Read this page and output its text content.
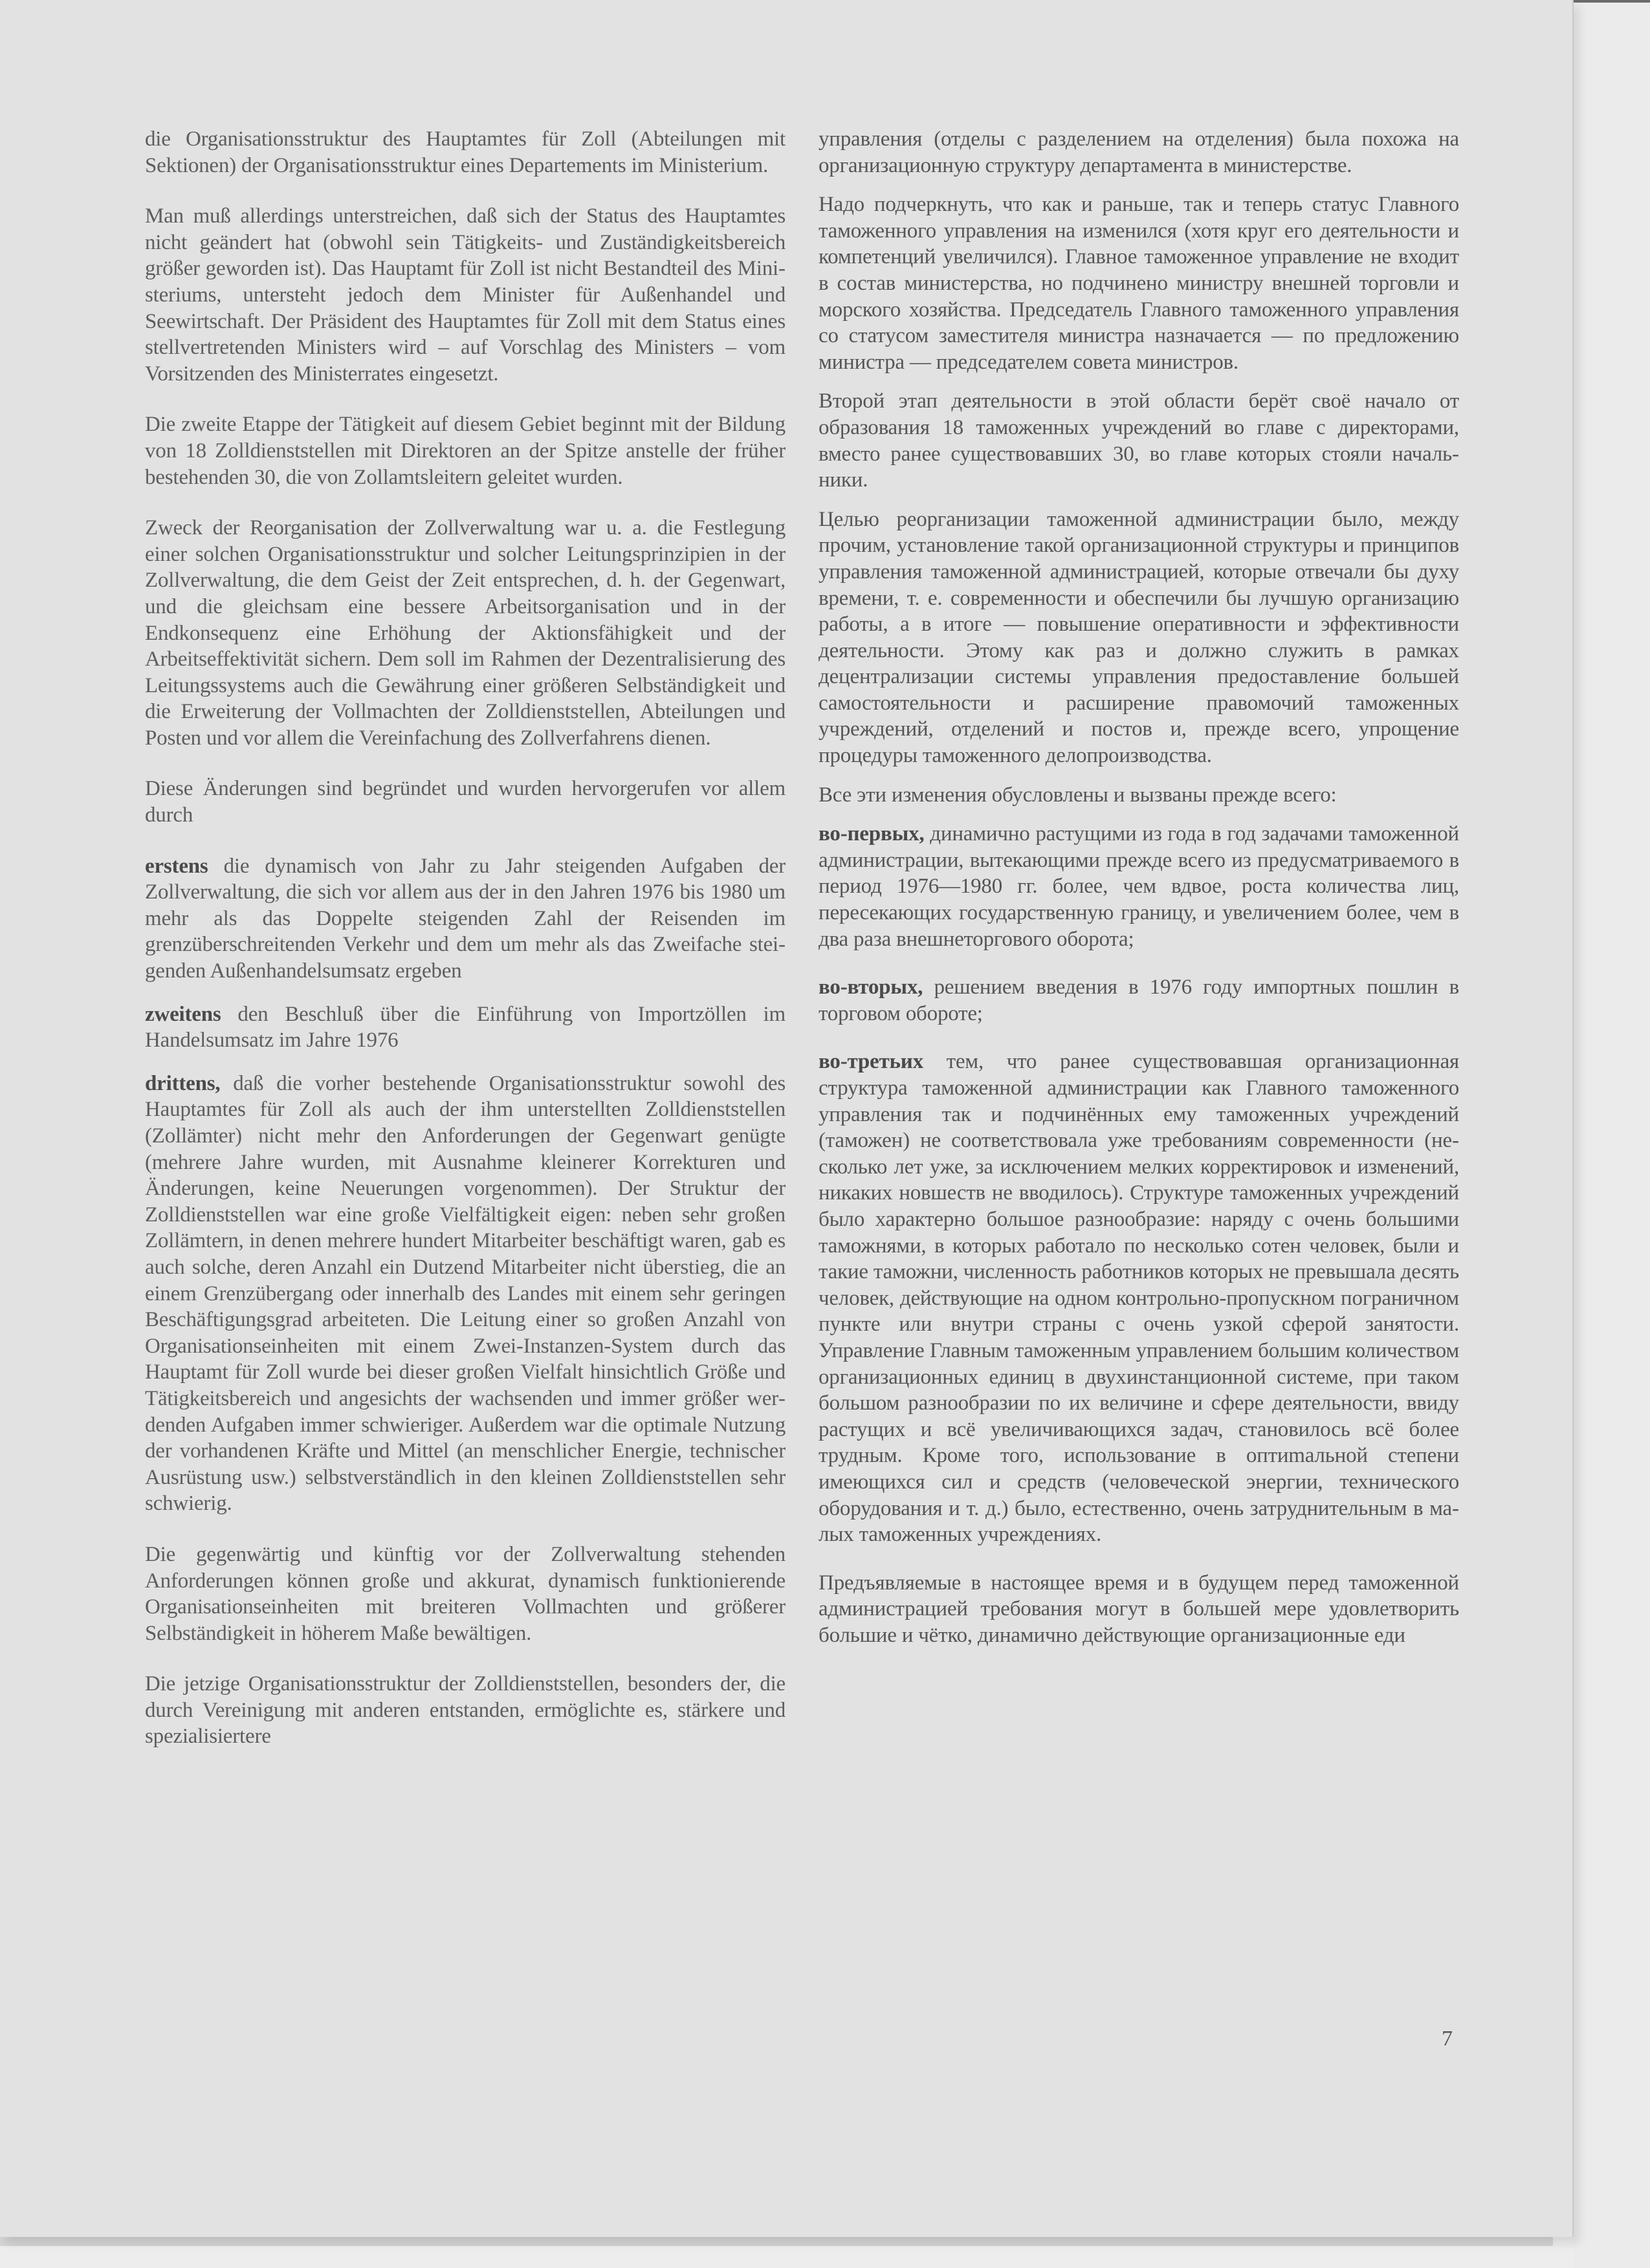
die Organisationsstruktur des Hauptamtes für Zoll (Abteilungen mit Sektionen) der Organisationsstruktur eines Departements im Ministerium.

Man muß allerdings unterstreichen, daß sich der Status des Hauptamtes nicht geändert hat (obwohl sein Tätigkeits- und Zuständigkeitsbereich größer geworden ist). Das Hauptamt für Zoll ist nicht Bestandteil des Ministeriums, untersteht jedoch dem Minister für Außenhandel und Seewirtschaft. Der Präsident des Hauptamtes für Zoll mit dem Status eines stellvertretenden Ministers wird – auf Vorschlag des Ministers – vom Vorsitzenden des Ministerrates eingesetzt.

Die zweite Etappe der Tätigkeit auf diesem Gebiet beginnt mit der Bildung von 18 Zolldienststellen mit Direktoren an der Spitze anstelle der früher bestehenden 30, die von Zollamtsleitern geleitet wurden.

Zweck der Reorganisation der Zollverwaltung war u. a. die Festlegung einer solchen Organisationsstruktur und solcher Leitungsprinzipien in der Zollverwaltung, die dem Geist der Zeit entsprechen, d. h. der Gegenwart, und die gleichsam eine bessere Arbeitsorganisation und in der Endkonsequenz eine Erhöhung der Aktionsfähigkeit und der Arbeitseffektivität sichern. Dem soll im Rahmen der Dezentralisierung des Leitungssystems auch die Gewährung einer größeren Selbständigkeit und die Erweiterung der Vollmachten der Zolldienststellen, Abteilungen und Posten und vor allem die Vereinfachung des Zollverfahrens dienen.

Diese Änderungen sind begründet und wurden hervorgerufen vor allem durch

erstens die dynamisch von Jahr zu Jahr steigenden Aufgaben der Zollverwaltung, die sich vor allem aus der in den Jahren 1976 bis 1980 um mehr als das Doppelte steigenden Zahl der Reisenden im grenzüberschreitenden Verkehr und dem um mehr als das Zweifache steigenden Außenhandelsumsatz ergeben

zweitens den Beschluß über die Einführung von Importzöllen im Handelsumsatz im Jahre 1976

drittens, daß die vorher bestehende Organisationsstruktur sowohl des Hauptamtes für Zoll als auch der ihm unterstellten Zolldienststellen (Zollämter) nicht mehr den Anforderungen der Gegenwart genügte (mehrere Jahre wurden, mit Ausnahme kleinerer Korrekturen und Änderungen, keine Neuerungen vorgenommen). Der Struktur der Zolldienststellen war eine große Vielfältigkeit eigen: neben sehr großen Zollämtern, in denen mehrere hundert Mitarbeiter beschäftigt waren, gab es auch solche, deren Anzahl ein Dutzend Mitarbeiter nicht überstieg, die an einem Grenzübergang oder innerhalb des Landes mit einem sehr geringen Beschäftigungsgrad arbeiteten. Die Leitung einer so großen Anzahl von Organisationseinheiten mit einem Zwei-Instanzen-System durch das Hauptamt für Zoll wurde bei dieser großen Vielfalt hinsichtlich Größe und Tätigkeitsbereich und angesichts der wachsenden und immer größer werdenden Aufgaben immer schwieriger. Außerdem war die optimale Nutzung der vorhandenen Kräfte und Mittel (an menschlicher Energie, technischer Ausrüstung usw.) selbstverständlich in den kleinen Zolldienststellen sehr schwierig.

Die gegenwärtig und künftig vor der Zollverwaltung stehenden Anforderungen können große und akkurat, dynamisch funktionierende Organisationseinheiten mit breiteren Vollmachten und größerer Selbständigkeit in höherem Maße bewältigen.

Die jetzige Organisationsstruktur der Zolldienststellen, besonders der, die durch Vereinigung mit anderen entstanden, ermöglichte es, stärkere und spezialisiertere

управления (отделы с разделением на отделения) была похожа на организационную структуру департамента в министерстве.

Надо подчеркнуть, что как и раньше, так и теперь статус Главного таможенного управления на изменился (хотя круг его деятельности и компетенций увеличился). Главное таможенное управление не входит в состав министерства, но подчинено министру внешней торговли и морского хозяйства. Председатель Главного таможенного управления со статусом заместителя министра назначается — по предложению министра — председателем совета министров.

Второй этап деятельности в этой области берёт своё начало от образования 18 таможенных учреждений во главе с директорами, вместо ранее существовавших 30, во главе которых стояли начальники.

Целью реорганизации таможенной администрации было, между прочим, установление такой организационной структуры и принципов управления таможенной администрацией, которые отвечали бы духу времени, т. е. современности и обеспечили бы лучшую организацию работы, а в итоге — повышение оперативности и эффективности деятельности. Этому как раз и должно служить в рамках децентрализации системы управления предоставление большей самостоятельности и расширение правомочий таможенных учреждений, отделений и постов и, прежде всего, упрощение процедуры таможенного делопроизводства.

Все эти изменения обусловлены и вызваны прежде всего:

во-первых, динамично растущими из года в год задачами таможенной администрации, вытекающими прежде всего из предусматриваемого в период 1976—1980 гг. более, чем вдвое, роста количества лиц, пересекающих государственную границу, и увеличением более, чем в два раза внешнеторгового оборота;

во-вторых, решением введения в 1976 году импортных пошлин в торговом обороте;

во-третьих тем, что ранее существовавшая организационная структура таможенной администрации как Главного таможенного управления так и подчинённых ему таможенных учреждений (таможен) не соответствовала уже требованиям современности (несколько лет уже, за исключением мелких корректировок и изменений, никаких новшеств не вводилось). Структуре таможенных учреждений было характерно большое разнообразие: наряду с очень большими таможнями, в которых работало по несколько сотен человек, были и такие таможни, численность работников которых не превышала десять человек, действующие на одном контрольно-пропускном пограничном пункте или внутри страны с очень узкой сферой занятости. Управление Главным таможенным управлением большим количеством организационных единиц в двухинстанционной системе, при таком большом разнообразии по их величине и сфере деятельности, ввиду растущих и всё увеличивающихся задач, становилось всё более трудным. Кроме того, использование в оптиmальной степени имеющихся сил и средств (человеческой энергии, технического оборудования и т. д.) было, естественно, очень затруднительным в малых таможенных учреждениях.

Предъявляемые в настоящее время и в будущем перед таможенной администрацией требования могут в большей мере удовлетворить большие и чётко, динамично действующие организационные еди

7
